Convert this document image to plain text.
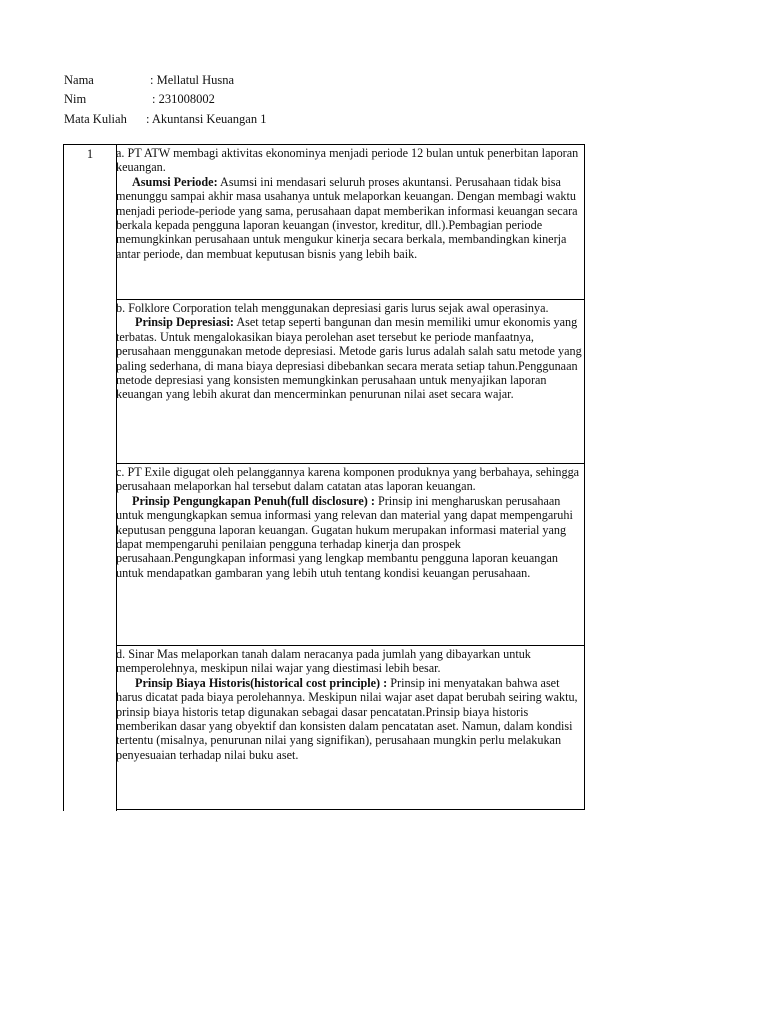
Nama	: Mellatul Husna
Nim	: 231008002
Mata Kuliah : Akuntansi Keuangan 1
1	a. PT ATW membagi aktivitas ekonominya menjadi periode 12 bulan untuk penerbitan laporan keuangan.

Asumsi Periode: Asumsi ini mendasari seluruh proses akuntansi. Perusahaan tidak bisa menunggu sampai akhir masa usahanya untuk melaporkan keuangan. Dengan membagi waktu menjadi periode-periode yang sama, perusahaan dapat memberikan informasi keuangan secara berkala kepada pengguna laporan keuangan (investor, kreditur, dll.).Pembagian periode memungkinkan perusahaan untuk mengukur kinerja secara berkala, membandingkan kinerja antar periode, dan membuat keputusan bisnis yang lebih baik.

b. Folklore Corporation telah menggunakan depresiasi garis lurus sejak awal operasinya.

Prinsip Depresiasi: Aset tetap seperti bangunan dan mesin memiliki umur ekonomis yang terbatas. Untuk mengalokasikan biaya perolehan aset tersebut ke periode manfaatnya, perusahaan menggunakan metode depresiasi. Metode garis lurus adalah salah satu metode yang paling sederhana, di mana biaya depresiasi dibebankan secara merata setiap tahun.Penggunaan metode depresiasi yang konsisten memungkinkan perusahaan untuk menyajikan laporan keuangan yang lebih akurat dan mencerminkan penurunan nilai aset secara wajar.

c. PT Exile digugat oleh pelanggannya karena komponen produknya yang berbahaya, sehingga perusahaan melaporkan hal tersebut dalam catatan atas laporan keuangan.

Prinsip Pengungkapan Penuh(full disclosure) : Prinsip ini mengharuskan perusahaan untuk mengungkapkan semua informasi yang relevan dan material yang dapat mempengaruhi keputusan pengguna laporan keuangan. Gugatan hukum merupakan informasi material yang dapat mempengaruhi penilaian pengguna terhadap kinerja dan prospek perusahaan.Pengungkapan informasi yang lengkap membantu pengguna laporan keuangan untuk mendapatkan gambaran yang lebih utuh tentang kondisi keuangan perusahaan.

d. Sinar Mas melaporkan tanah dalam neracanya pada jumlah yang dibayarkan untuk memperolehnya, meskipun nilai wajar yang diestimasi lebih besar.

Prinsip Biaya Historis(historical cost principle) : Prinsip ini menyatakan bahwa aset harus dicatat pada biaya perolehannya. Meskipun nilai wajar aset dapat berubah seiring waktu, prinsip biaya historis tetap digunakan sebagai dasar pencatatan.Prinsip biaya historis memberikan dasar yang obyektif dan konsisten dalam pencatatan aset. Namun, dalam kondisi tertentu (misalnya, penurunan nilai yang signifikan), perusahaan mungkin perlu melakukan penyesuaian terhadap nilai buku aset.
